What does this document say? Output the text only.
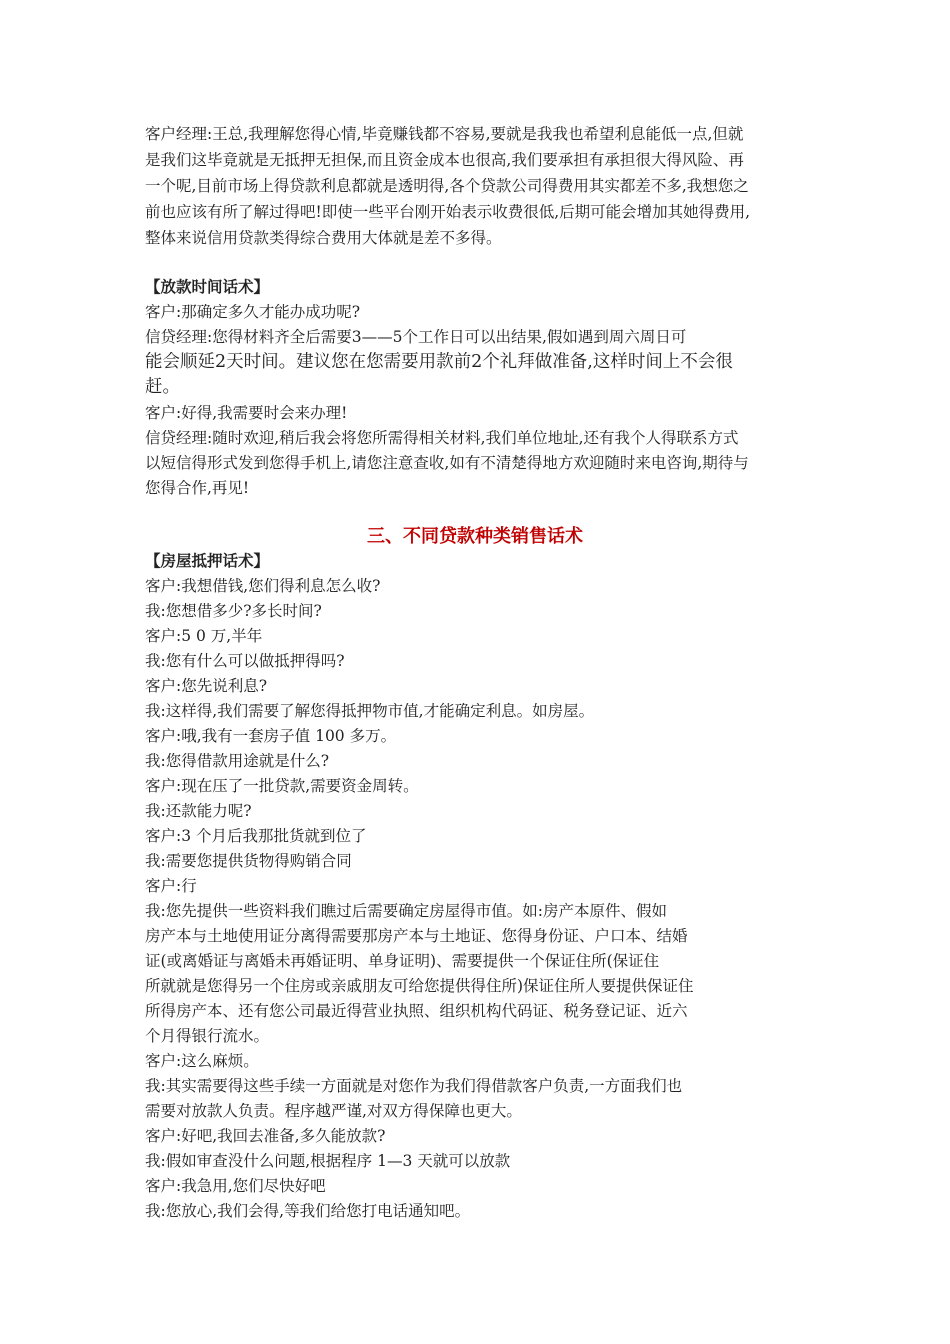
客户经理:王总,我理解您得心情,毕竟赚钱都不容易,要就是我我也希望利息能低一点,但就
是我们这毕竟就是无抵押无担保,而且资金成本也很高,我们要承担有承担很大得风险、再
一个呢,目前市场上得贷款利息都就是透明得,各个贷款公司得费用其实都差不多,我想您之
前也应该有所了解过得吧!即使一些平台刚开始表示收费很低,后期可能会增加其她得费用,
整体来说信用贷款类得综合费用大体就是差不多得。
【放款时间话术】
客户:那确定多久才能办成功呢?
信贷经理:您得材料齐全后需要3——5个工作日可以出结果,假如遇到周六周日可
能会顺延2天时间。建议您在您需要用款前2个礼拜做准备,这样时间上不会很
赶。
客户:好得,我需要时会来办理!
信贷经理:随时欢迎,稍后我会将您所需得相关材料,我们单位地址,还有我个人得联系方式
以短信得形式发到您得手机上,请您注意查收,如有不清楚得地方欢迎随时来电咨询,期待与
您得合作,再见!
三、不同贷款种类销售话术
【房屋抵押话术】
客户:我想借钱,您们得利息怎么收?
我:您想借多少?多长时间?
客户:5 0 万,半年
我:您有什么可以做抵押得吗?
客户:您先说利息?
我:这样得,我们需要了解您得抵押物市值,才能确定利息。如房屋。
客户:哦,我有一套房子值 100 多万。
我:您得借款用途就是什么?
客户:现在压了一批贷款,需要资金周转。
我:还款能力呢?
客户:3 个月后我那批货就到位了
我:需要您提供货物得购销合同
客户:行
我:您先提供一些资料我们瞧过后需要确定房屋得市值。如:房产本原件、假如
房产本与土地使用证分离得需要那房产本与土地证、您得身份证、户口本、结婚
证(或离婚证与离婚未再婚证明、单身证明)、需要提供一个保证住所(保证住
所就就是您得另一个住房或亲戚朋友可给您提供得住所)保证住所人要提供保证住
所得房产本、还有您公司最近得营业执照、组织机构代码证、税务登记证、近六
个月得银行流水。
客户:这么麻烦。
我:其实需要得这些手续一方面就是对您作为我们得借款客户负责,一方面我们也
需要对放款人负责。程序越严谨,对双方得保障也更大。
客户:好吧,我回去准备,多久能放款?
我:假如审查没什么问题,根据程序 1—3 天就可以放款
客户:我急用,您们尽快好吧
我:您放心,我们会得,等我们给您打电话通知吧。
